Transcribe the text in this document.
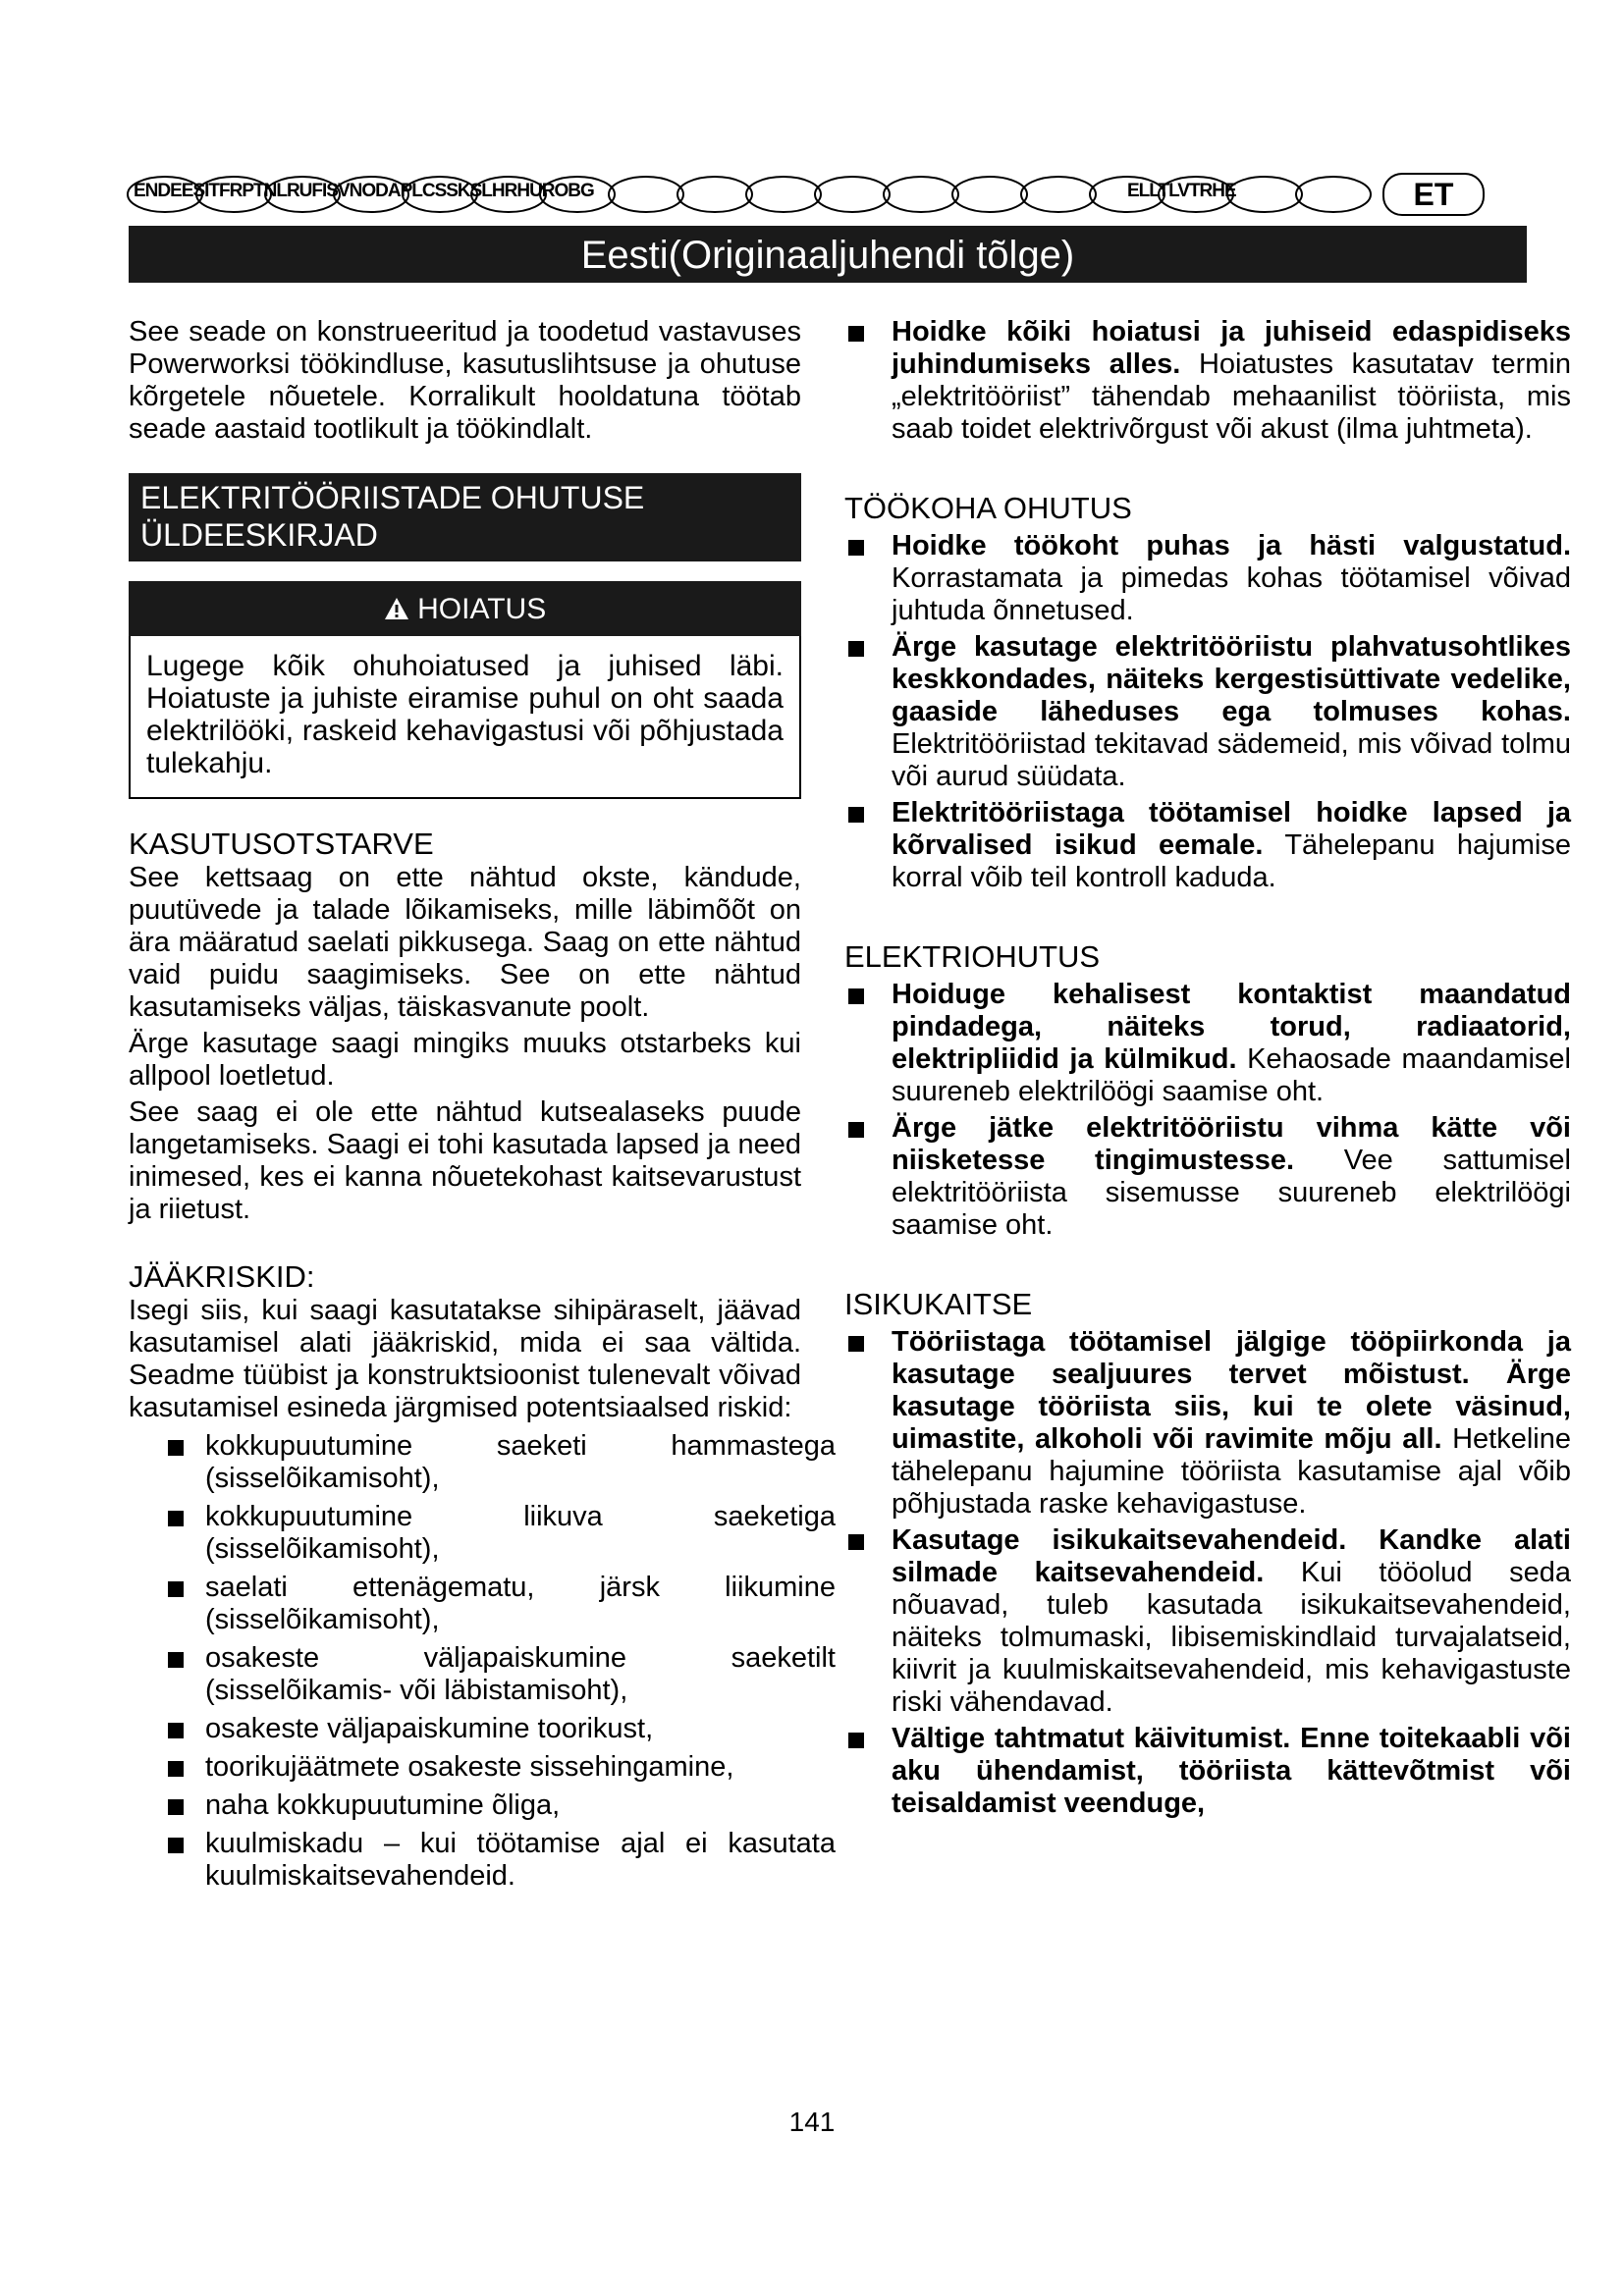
ENDEESITFRPTNLRUFISVNODAPLCSSKSLHRHUROBG	ELLTLVTRHE	ET
Eesti(Originaaljuhendi tõlge)

See seade on konstrueeritud ja toodetud vastavuses Powerworksi töökindluse, kasutuslihtsuse ja ohutuse kõrgetele nõuetele. Korralikult hooldatuna töötab seade aastaid tootlikult ja töökindlalt.

ELEKTRITÖÖRIISTADE OHUTUSE ÜLDEESKIRJAD
HOIATUS

Lugege kõik ohuhoiatused ja juhised läbi. Hoiatuste ja juhiste eiramise puhul on oht saada elektrilööki, raskeid kehavigastusi või põhjustada tulekahju.

KASUTUSOTSTARVE

See kettsaag on ette nähtud okste, kändude, puutüvede ja talade lõikamiseks, mille läbimõõt on ära määratud saelati pikkusega. Saag on ette nähtud vaid puidu saagimiseks. See on ette nähtud kasutamiseks väljas, täiskasvanute poolt.

Ärge kasutage saagi mingiks muuks otstarbeks kui allpool loetletud.

See saag ei ole ette nähtud kutsealaseks puude langetamiseks. Saagi ei tohi kasutada lapsed ja need inimesed, kes ei kanna nõuetekohast kaitsevarustust ja riietust.

JÄÄKRISKID:

Isegi siis, kui saagi kasutatakse sihipäraselt, jäävad kasutamisel alati jääkriskid, mida ei saa vältida. Seadme tüübist ja konstruktsioonist tulenevalt võivad kasutamisel esineda järgmised potentsiaalsed riskid:

kokkupuutumine saeketi hammastega (sisselõikamisoht),
kokkupuutumine liikuva saeketiga (sisselõikamisoht),
saelati ettenägematu, järsk liikumine (sisselõikamisoht),
osakeste väljapaiskumine saeketilt (sisselõikamis- või läbistamisoht),
osakeste väljapaiskumine toorikust,
toorikujäätmete osakeste sissehingamine,
naha kokkupuutumine õliga,
kuulmiskadu – kui töötamise ajal ei kasutata kuulmiskaitsevahendeid.
Hoidke kõiki hoiatusi ja juhiseid edaspidiseks juhindumiseks alles. Hoiatustes kasutatav termin „elektritööriist” tähendab mehaanilist tööriista, mis saab toidet elektrivõrgust või akust (ilma juhtmeta).
TÖÖKOHA OHUTUS
Hoidke töökoht puhas ja hästi valgustatud. Korrastamata ja pimedas kohas töötamisel võivad juhtuda õnnetused.
Ärge kasutage elektritööriistu plahvatusohtlikes keskkondades, näiteks kergestisüttivate vedelike, gaaside läheduses ega tolmuses kohas. Elektritööriistad tekitavad sädemeid, mis võivad tolmu või aurud süüdata.
Elektritööriistaga töötamisel hoidke lapsed ja kõrvalised isikud eemale. Tähelepanu hajumise korral võib teil kontroll kaduda.
ELEKTRIOHUTUS
Hoiduge kehalisest kontaktist maandatud pindadega, näiteks torud, radiaatorid, elektripliidid ja külmikud. Kehaosade maandamisel suureneb elektrilöögi saamise oht.
Ärge jätke elektritööriistu vihma kätte või niisketesse tingimustesse. Vee sattumisel elektritööriista sisemusse suureneb elektrilöögi saamise oht.
ISIKUKAITSE
Tööriistaga töötamisel jälgige tööpiirkonda ja kasutage sealjuures tervet mõistust. Ärge kasutage tööriista siis, kui te olete väsinud, uimastite, alkoholi või ravimite mõju all. Hetkeline tähelepanu hajumine tööriista kasutamise ajal võib põhjustada raske kehavigastuse.
Kasutage isikukaitsevahendeid. Kandke alati silmade kaitsevahendeid. Kui tööolud seda nõuavad, tuleb kasutada isikukaitsevahendeid, näiteks tolmumaski, libisemiskindlaid turvajalatseid, kiivrit ja kuulmiskaitsevahendeid, mis kehavigastuste riski vähendavad.
Vältige tahtmatut käivitumist. Enne toitekaabli või aku ühendamist, tööriista kättevõtmist või teisaldamist veenduge,
141
